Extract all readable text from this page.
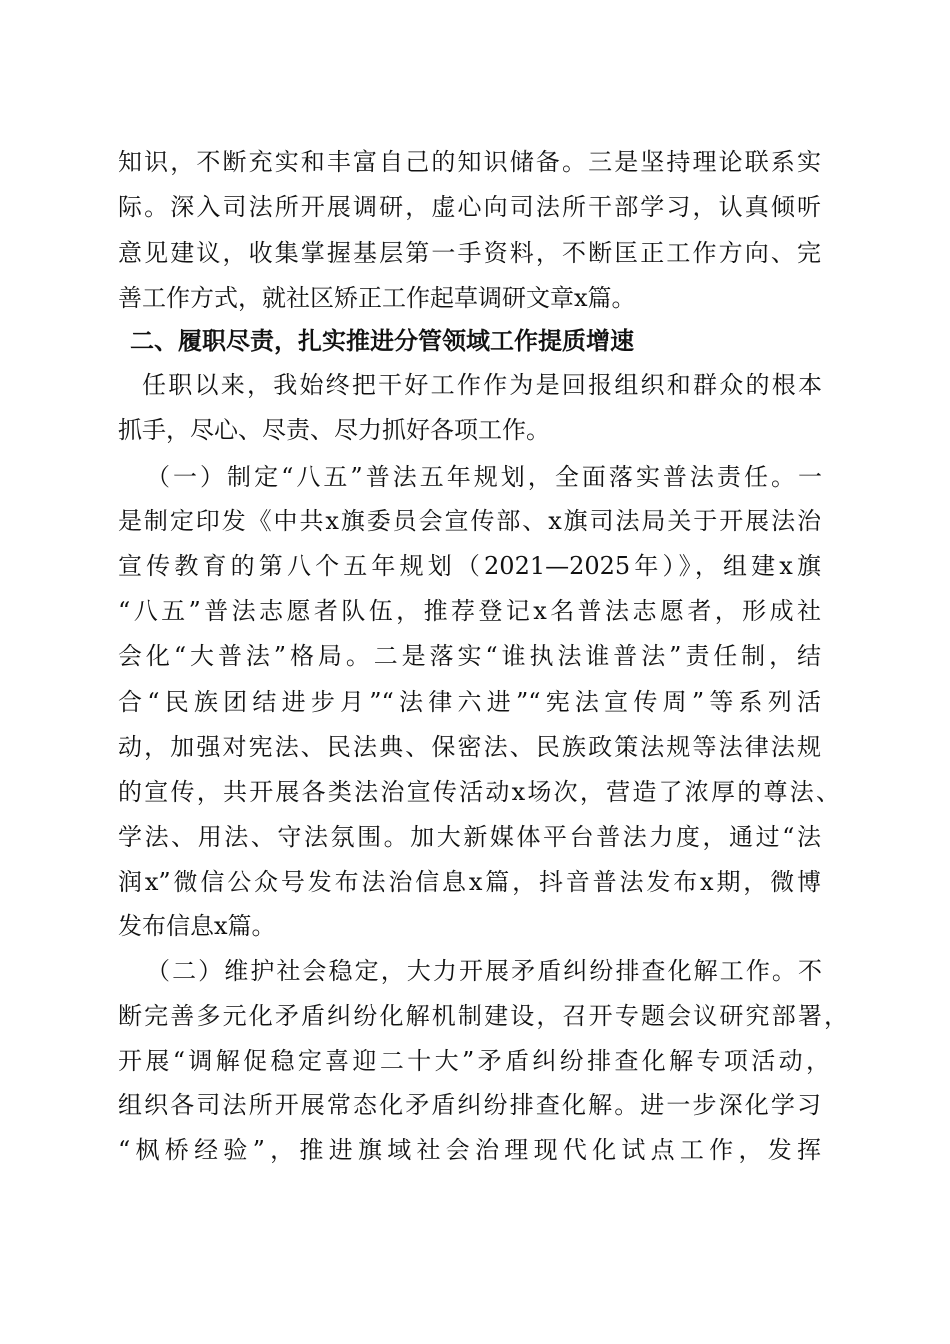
知识，不断充实和丰富自己的知识储备。三是坚持理论联系实
际。深入司法所开展调研，虚心向司法所干部学习，认真倾听
意见建议，收集掌握基层第一手资料，不断匡正工作方向、完
善工作方式，就社区矫正工作起草调研文章x篇。
二、履职尽责，扎实推进分管领域工作提质增速
任职以来，我始终把干好工作作为是回报组织和群众的根本
抓手，尽心、尽责、尽力抓好各项工作。
（一）制定“八五”普法五年规划，全面落实普法责任。一
是制定印发《中共x旗委员会宣传部、x旗司法局关于开展法治
宣传教育的第八个五年规划（2021—2025年）》，组建x旗
“八五”普法志愿者队伍，推荐登记x名普法志愿者，形成社
会化“大普法”格局。二是落实“谁执法谁普法”责任制，结
合“民族团结进步月”“法律六进”“宪法宣传周”等系列活
动，加强对宪法、民法典、保密法、民族政策法规等法律法规
的宣传，共开展各类法治宣传活动x场次，营造了浓厚的尊法、
学法、用法、守法氛围。加大新媒体平台普法力度，通过“法
润x”微信公众号发布法治信息x篇，抖音普法发布x期，微博
发布信息x篇。
（二）维护社会稳定，大力开展矛盾纠纷排查化解工作。不
断完善多元化矛盾纠纷化解机制建设，召开专题会议研究部署，
开展“调解促稳定喜迎二十大”矛盾纠纷排查化解专项活动，
组织各司法所开展常态化矛盾纠纷排查化解。进一步深化学习
“枫桥经验”，推进旗域社会治理现代化试点工作，发挥
